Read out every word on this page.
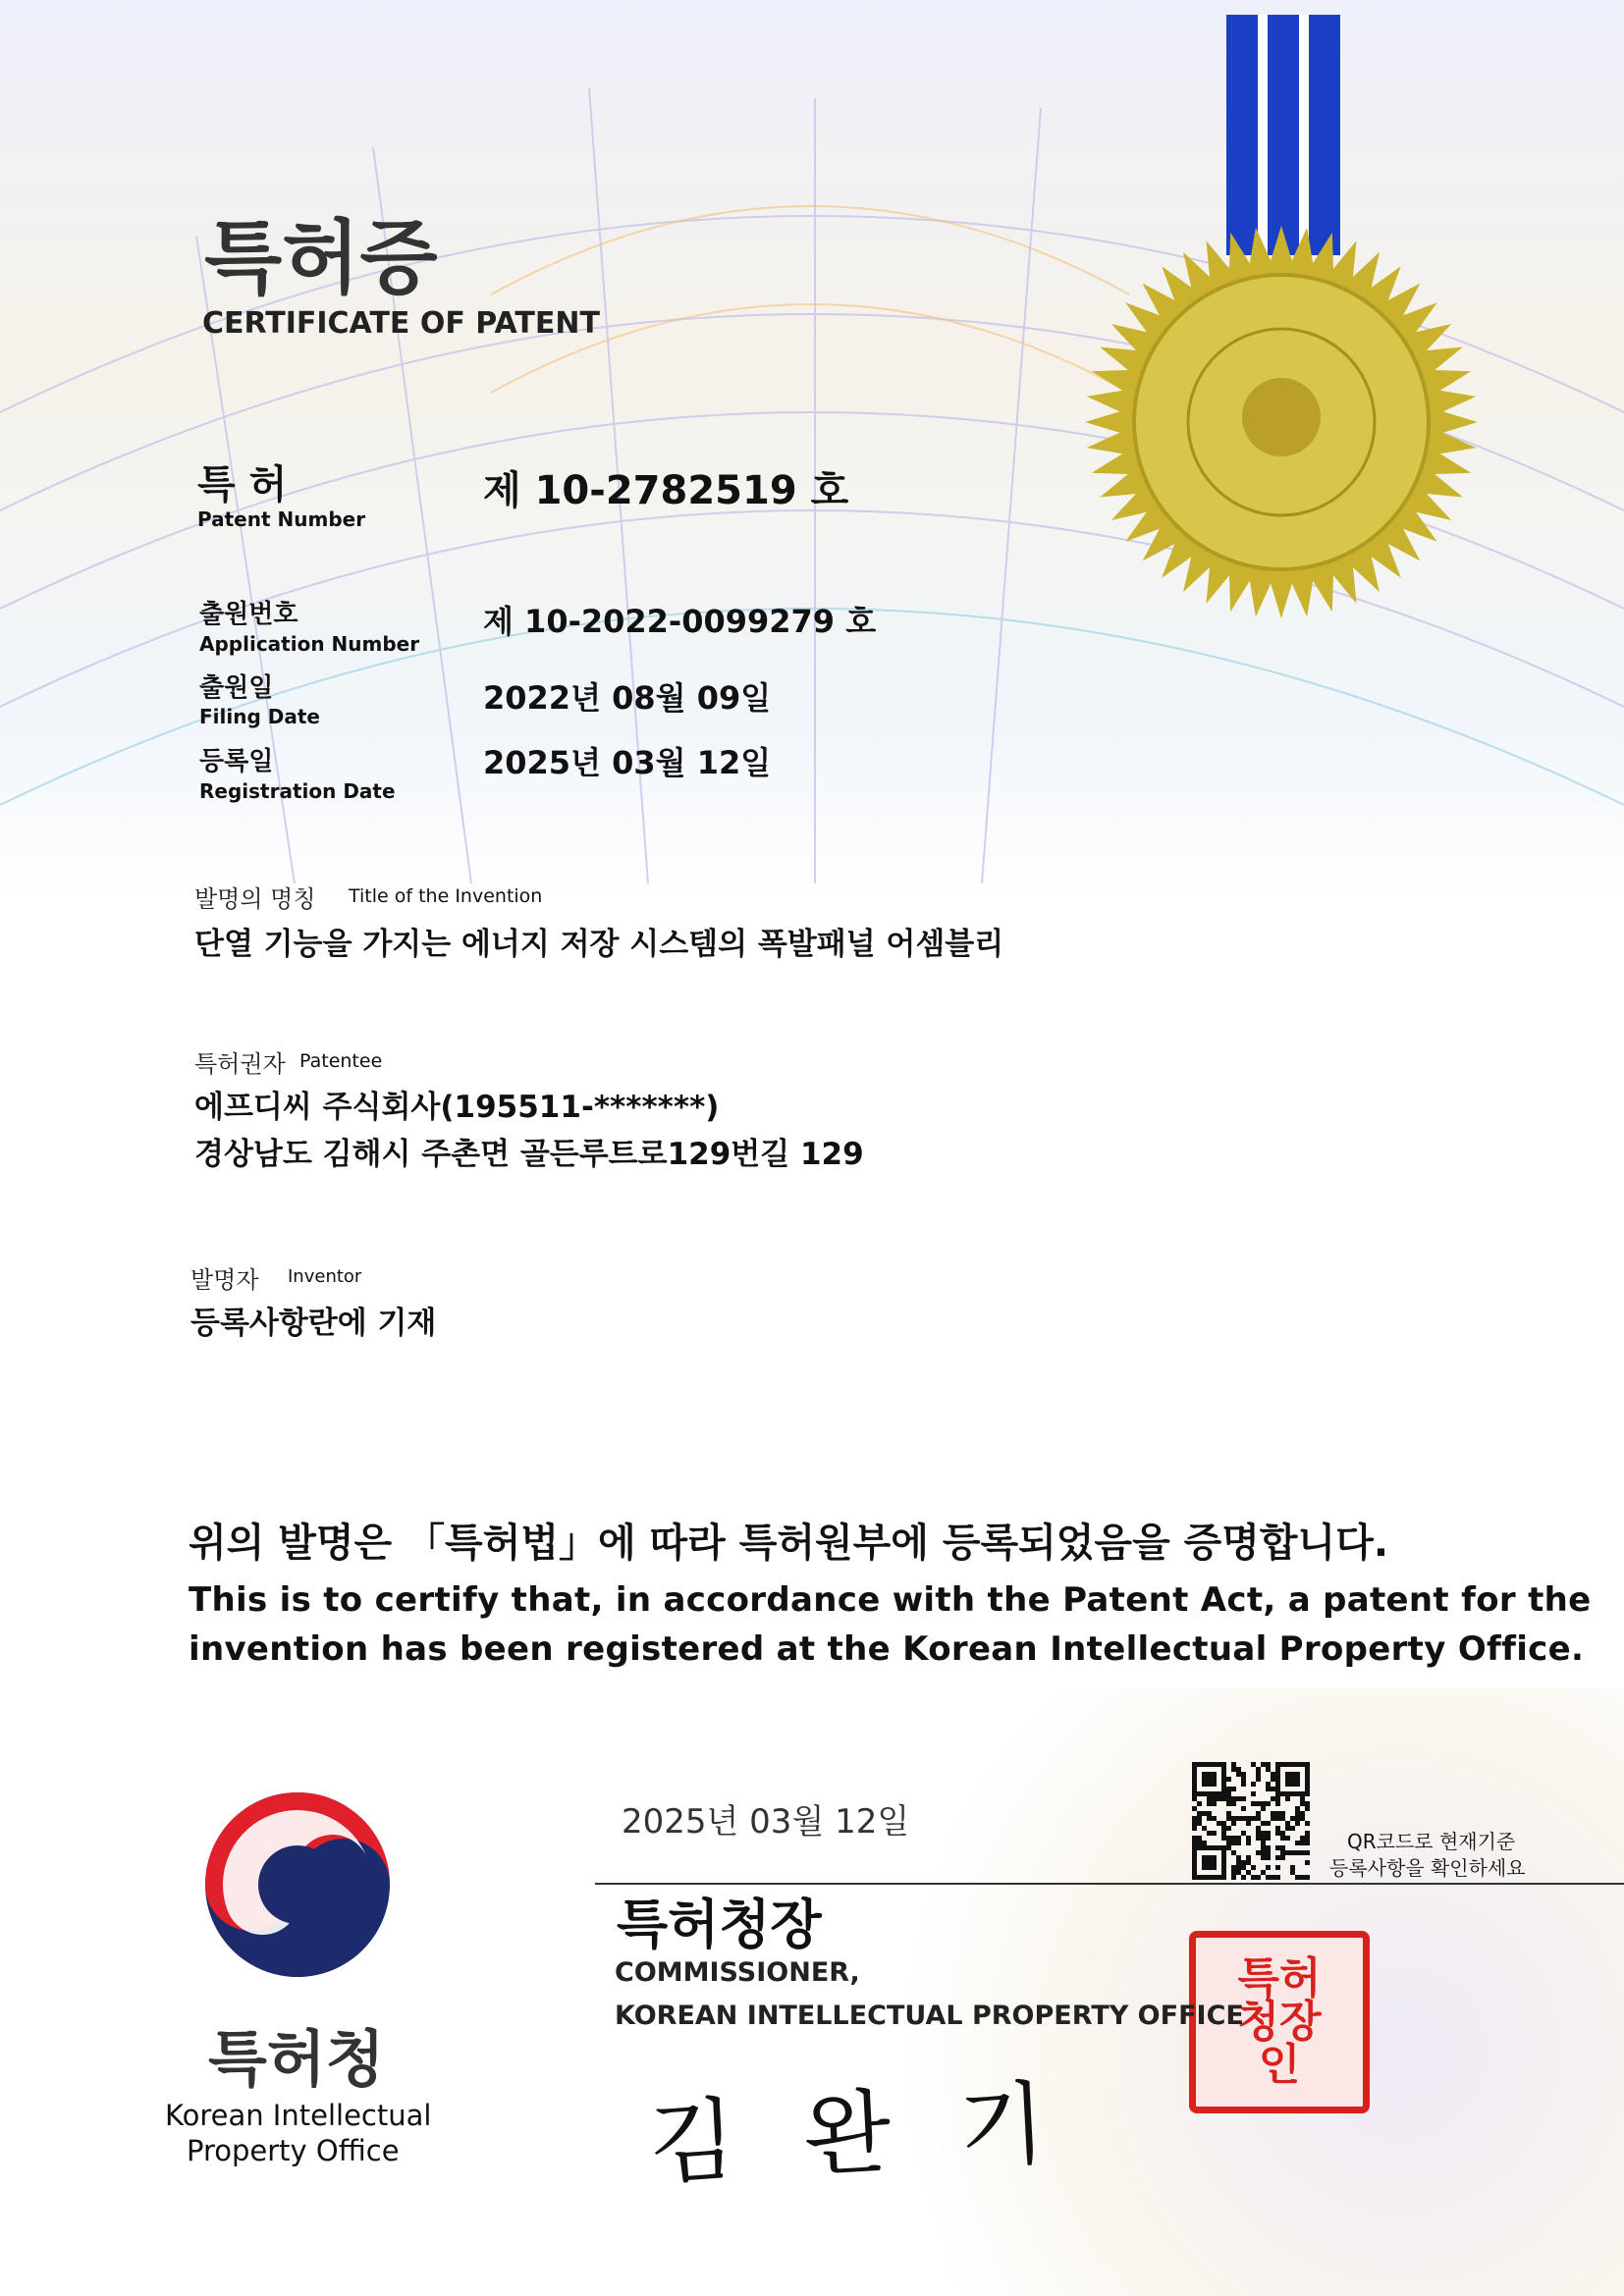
특허증
CERTIFICATE OF PATENT
특 허
Patent Number
제 10-2782519 호
출원번호
Application Number
제 10-2022-0099279 호
출원일
Filing Date	2022년 08월 09일
등록일
Registration Date
2025년 03월 12일
발명의 명칭 Title of the Invention
단열 기능을 가지는 에너지 저장 시스템의 폭발패널 어셈블리
특허권자 Patentee
에프디씨 주식회사(195511-*******)
경상남도 김해시 주촌면 골든루트로129번길 129
발명자 Inventor
등록사항란에 기재
위의 발명은 「특허법」에 따라 특허원부에 등록되었음을 증명합니다.
This is to certify that, in accordance with the Patent Act, a patent for the
invention has been registered at the Korean Intellectual Property Office.
특허청
Korean Intellectual
Property Office
2025년 03월 12일	QR코드로 현재기준
등록사항을 확인하세요
특허청장
COMMISSIONER,	특허청장인
KOREAN INTELLECTUAL PROPERTY OFFICE
김 완 기
